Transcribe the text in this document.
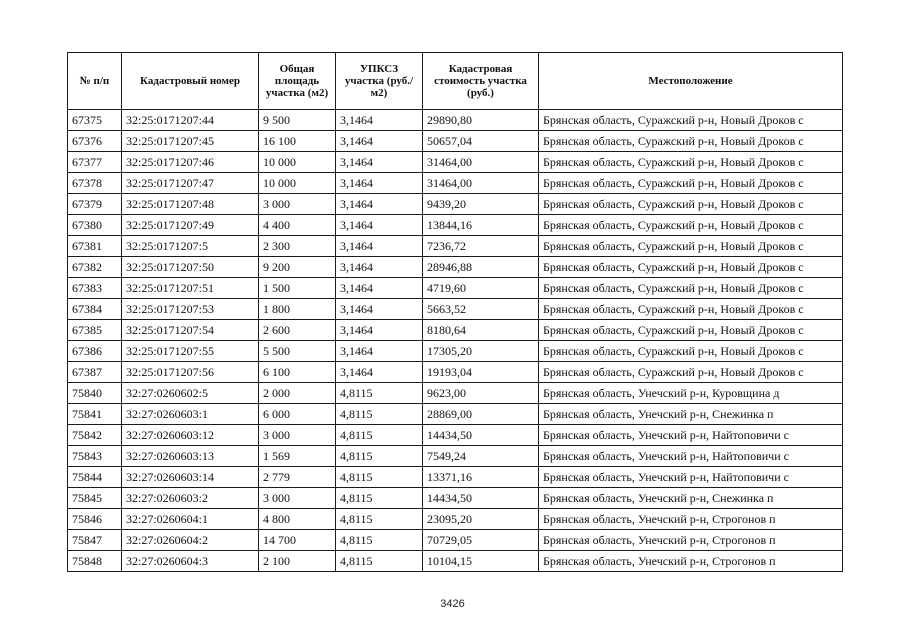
№ п/п	Кадастровый номер	Общая площадь участка (м2)	УПКСЗ участка (руб./м2)	Кадастровая стоимость участка (руб.)	Местоположение
67375	32:25:0171207:44	9 500	3,1464	29890,80	Брянская область, Суражский р-н, Новый Дроков с
67376	32:25:0171207:45	16 100	3,1464	50657,04	Брянская область, Суражский р-н, Новый Дроков с
67377	32:25:0171207:46	10 000	3,1464	31464,00	Брянская область, Суражский р-н, Новый Дроков с
67378	32:25:0171207:47	10 000	3,1464	31464,00	Брянская область, Суражский р-н, Новый Дроков с
67379	32:25:0171207:48	3 000	3,1464	9439,20	Брянская область, Суражский р-н, Новый Дроков с
67380	32:25:0171207:49	4 400	3,1464	13844,16	Брянская область, Суражский р-н, Новый Дроков с
67381	32:25:0171207:5	2 300	3,1464	7236,72	Брянская область, Суражский р-н, Новый Дроков с
67382	32:25:0171207:50	9 200	3,1464	28946,88	Брянская область, Суражский р-н, Новый Дроков с
67383	32:25:0171207:51	1 500	3,1464	4719,60	Брянская область, Суражский р-н, Новый Дроков с
67384	32:25:0171207:53	1 800	3,1464	5663,52	Брянская область, Суражский р-н, Новый Дроков с
67385	32:25:0171207:54	2 600	3,1464	8180,64	Брянская область, Суражский р-н, Новый Дроков с
67386	32:25:0171207:55	5 500	3,1464	17305,20	Брянская область, Суражский р-н, Новый Дроков с
67387	32:25:0171207:56	6 100	3,1464	19193,04	Брянская область, Суражский р-н, Новый Дроков с
75840	32:27:0260602:5	2 000	4,8115	9623,00	Брянская область, Унечский р-н, Куровщина д
75841	32:27:0260603:1	6 000	4,8115	28869,00	Брянская область, Унечский р-н, Снежинка п
75842	32:27:0260603:12	3 000	4,8115	14434,50	Брянская область, Унечский р-н, Найтоповичи с
75843	32:27:0260603:13	1 569	4,8115	7549,24	Брянская область, Унечский р-н, Найтоповичи с
75844	32:27:0260603:14	2 779	4,8115	13371,16	Брянская область, Унечский р-н, Найтоповичи с
75845	32:27:0260603:2	3 000	4,8115	14434,50	Брянская область, Унечский р-н, Снежинка п
75846	32:27:0260604:1	4 800	4,8115	23095,20	Брянская область, Унечский р-н, Строгонов п
75847	32:27:0260604:2	14 700	4,8115	70729,05	Брянская область, Унечский р-н, Строгонов п
75848	32:27:0260604:3	2 100	4,8115	10104,15	Брянская область, Унечский р-н, Строгонов п
3426
